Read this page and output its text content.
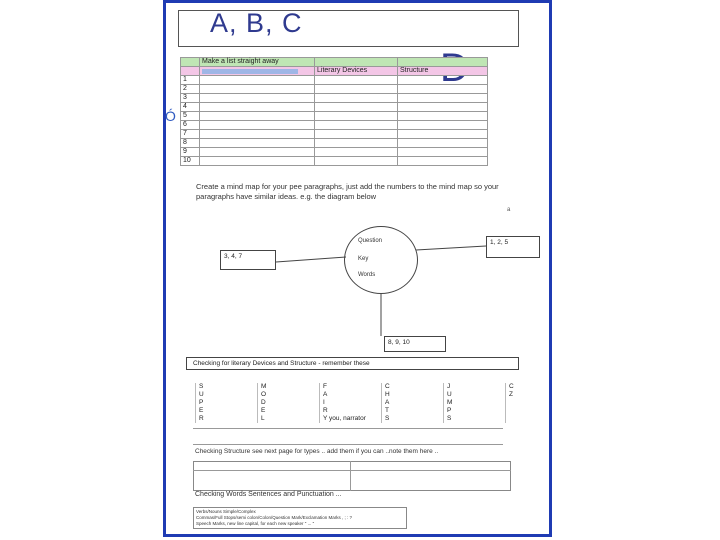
A, B, C
Ó
	Make a list straight away		

	Literary Devices	Structure
1			
2			
3			
4			
5			
6			
7			
8			
9			
10			
Create a mind map for your pee paragraphs, just add the numbers to the mind map so your paragraphs have similar ideas. e.g. the diagram below
a
3, 4, 7
1, 2, 5
8, 9, 10
Question
Key
Words
Checking for literary Devices and Structure - remember these
S	M	F	C	J	C
U	O	A	H	U	Z
P	D	I	A	M	
E	E	R	T	P	
R	L	Y you, narrator	S	S	
Checking Structure see next page for types .. add them if you can ..note them here ..
Checking Words Sentences and Punctuation ...
Verbs/Nouns Simple/Complex
Commas/Full Stops/semi colon/Colon/Question Mark/Exclamation Marks , ; : ?
Speech Marks, new line capital, for each new speaker " ... "
